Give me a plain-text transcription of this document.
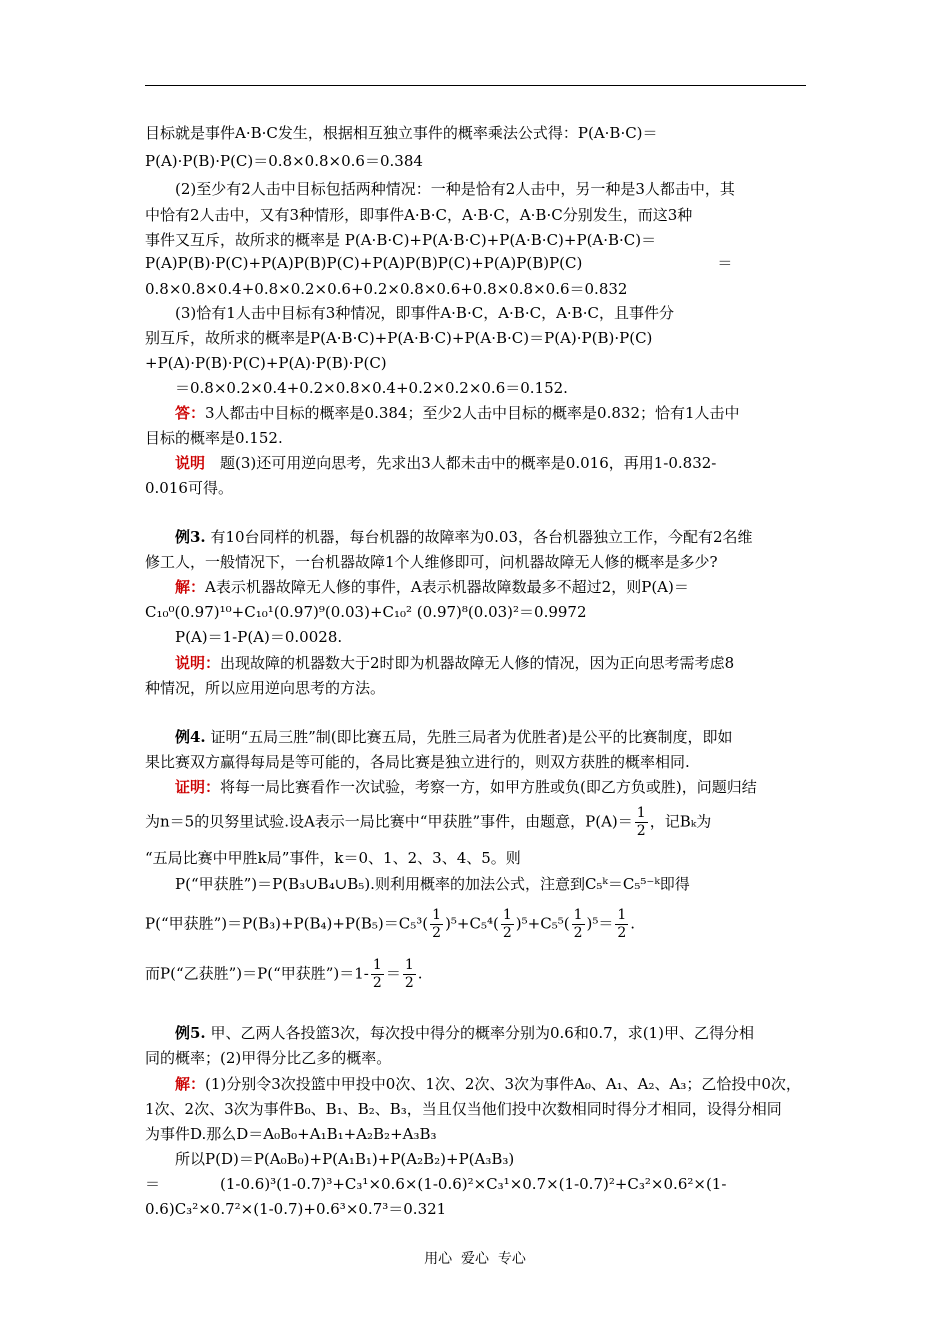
目标就是事件A·B·C发生，根据相互独立事件的概率乘法公式得：P(A·B·C)＝
P(A)·P(B)·P(C)＝0.8×0.8×0.6＝0.384
(2)至少有2人击中目标包括两种情况：一种是恰有2人击中，另一种是3人都击中，其
中恰有2人击中，又有3种情形，即事件A·B·C，A·B·C，A·B·C分别发生，而这3种
事件又互斥，故所求的概率是 P(A·B·C)+P(A·B·C)+P(A·B·C)+P(A·B·C)＝
P(A)P(B)·P(C)+P(A)P(B)P(C)+P(A)P(B)P(C)+P(A)P(B)P(C)　　　　　　　　　＝
0.8×0.8×0.4+0.8×0.2×0.6+0.2×0.8×0.6+0.8×0.8×0.6＝0.832
(3)恰有1人击中目标有3种情况，即事件A·B·C，A·B·C，A·B·C，且事件分
别互斥，故所求的概率是P(A·B·C)+P(A·B·C)+P(A·B·C)＝P(A)·P(B)·P(C)
+P(A)·P(B)·P(C)+P(A)·P(B)·P(C)
＝0.8×0.2×0.4+0.2×0.8×0.4+0.2×0.2×0.6＝0.152.
答：3人都击中目标的概率是0.384；至少2人击中目标的概率是0.832；恰有1人击中
目标的概率是0.152.
说明　题(3)还可用逆向思考，先求出3人都未击中的概率是0.016，再用1-0.832-
0.016可得。
例3. 有10台同样的机器，每台机器的故障率为0.03，各台机器独立工作，今配有2名维
修工人，一般情况下，一台机器故障1个人维修即可，问机器故障无人修的概率是多少?
解：A表示机器故障无人修的事件，A表示机器故障数最多不超过2，则P(A)＝
C₁₀⁰(0.97)¹⁰+C₁₀¹(0.97)⁹(0.03)+C₁₀² (0.97)⁸(0.03)²＝0.9972
P(A)＝1-P(A)＝0.0028.
说明：出现故障的机器数大于2时即为机器故障无人修的情况，因为正向思考需考虑8
种情况，所以应用逆向思考的方法。
例4. 证明“五局三胜”制(即比赛五局，先胜三局者为优胜者)是公平的比赛制度，即如
果比赛双方赢得每局是等可能的，各局比赛是独立进行的，则双方获胜的概率相同.
证明：将每一局比赛看作一次试验，考察一方，如甲方胜或负(即乙方负或胜)，问题归结
为n＝5的贝努里试验.设A表示一局比赛中“甲获胜”事件，由题意，$P(A)= \frac{1}{2}$ ，记Bₖ为
“五局比赛中甲胜k局”事件，k＝0、1、2、3、4、5。则
P(“甲获胜”)＝P(B₃∪B₄∪B₅).则利用概率的加法公式，注意到C₅ᵏ＝C₅⁵⁻ᵏ即得
P(“甲获胜”)＝P(B₃)+P(B₄)+P(B₅)＝C₅³( $\frac{1}{2} )^5+C_5^4( \frac{1}{2} )^5+C_5^5( \frac{1}{2} )^5= \frac{1}{2}$ .
而P(“乙获胜”)＝P(“甲获胜”)＝1- $\frac{1}{2} = \frac{1}{2}$ .
例5. 甲、乙两人各投篮3次，每次投中得分的概率分别为0.6和0.7，求(1)甲、乙得分相
同的概率；(2)甲得分比乙多的概率。
解：(1)分别令3次投篮中甲投中0次、1次、2次、3次为事件A₀、A₁、A₂、A₃；乙恰投中0次，
1次、2次、3次为事件B₀、B₁、B₂、B₃，当且仅当他们投中次数相同时得分才相同，设得分相同
为事件D.那么D＝A₀B₀+A₁B₁+A₂B₂+A₃B₃
所以P(D)＝P(A₀B₀)+P(A₁B₁)+P(A₂B₂)+P(A₃B₃)
＝　　　　(1-0.6)³(1-0.7)³+C₃¹×0.6×(1-0.6)²×C₃¹×0.7×(1-0.7)²+C₃²×0.6²×(1-
0.6)C₃²×0.7²×(1-0.7)+0.6³×0.7³＝0.321
用心  爱心  专心
